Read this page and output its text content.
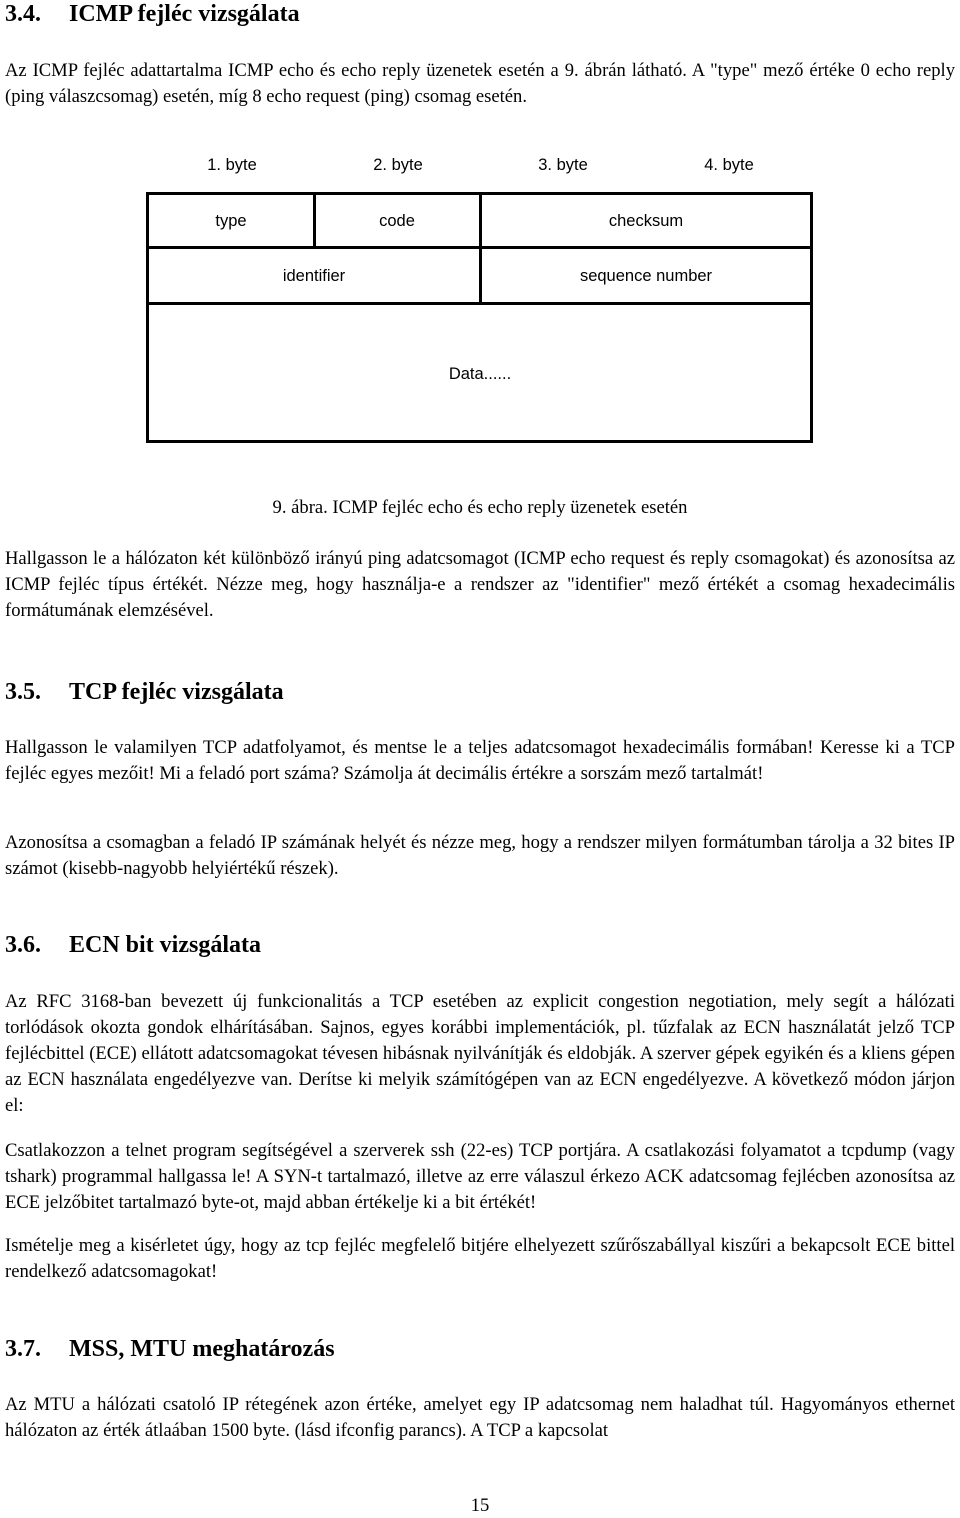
3.4. ICMP fejléc vizsgálata

Az ICMP fejléc adattartalma ICMP echo és echo reply üzenetek esetén a 9. ábrán látható. A "type" mező értéke 0 echo reply (ping válaszcsomag) esetén, míg 8 echo request (ping) csomag esetén.

1. byte	2. byte	3. byte	4. byte
type	code	checksum
identifier	sequence number
Data......
9. ábra. ICMP fejléc echo és echo reply üzenetek esetén

Hallgasson le a hálózaton két különböző irányú ping adatcsomagot (ICMP echo request és reply csomagokat) és azonosítsa az ICMP fejléc típus értékét. Nézze meg, hogy használja-e a rendszer az "identifier" mező értékét a csomag hexadecimális formátumának elemzésével.

3.5. TCP fejléc vizsgálata

Hallgasson le valamilyen TCP adatfolyamot, és mentse le a teljes adatcsomagot hexadecimális formában! Keresse ki a TCP fejléc egyes mezőit! Mi a feladó port száma? Számolja át decimális értékre a sorszám mező tartalmát!

Azonosítsa a csomagban a feladó IP számának helyét és nézze meg, hogy a rendszer milyen formátumban tárolja a 32 bites IP számot (kisebb-nagyobb helyiértékű részek).

3.6. ECN bit vizsgálata

Az RFC 3168-ban bevezett új funkcionalitás a TCP esetében az explicit congestion negotiation, mely segít a hálózati torlódások okozta gondok elhárításában. Sajnos, egyes korábbi implementációk, pl. tűzfalak az ECN használatát jelző TCP fejlécbittel (ECE) ellátott adatcsomagokat tévesen hibásnak nyilvánítják és eldobják. A szerver gépek egyikén és a kliens gépen az ECN használata engedélyezve van. Derítse ki melyik számítógépen van az ECN engedélyezve. A következő módon járjon el:

Csatlakozzon a telnet program segítségével a szerverek ssh (22-es) TCP portjára. A csatlakozási folyamatot a tcpdump (vagy tshark) programmal hallgassa le! A SYN-t tartalmazó, illetve az erre válaszul érkezo ACK adatcsomag fejlécben azonosítsa az ECE jelzőbitet tartalmazó byte-ot, majd abban értékelje ki a bit értékét!

Ismételje meg a kisérletet úgy, hogy az tcp fejléc megfelelő bitjére elhelyezett szűrőszabállyal kiszűri a bekapcsolt ECE bittel rendelkező adatcsomagokat!

3.7. MSS, MTU meghatározás

Az MTU a hálózati csatoló IP rétegének azon értéke, amelyet egy IP adatcsomag nem haladhat túl. Hagyományos ethernet hálózaton az érték átlaában 1500 byte. (lásd ifconfig parancs). A TCP a kapcsolat

15
